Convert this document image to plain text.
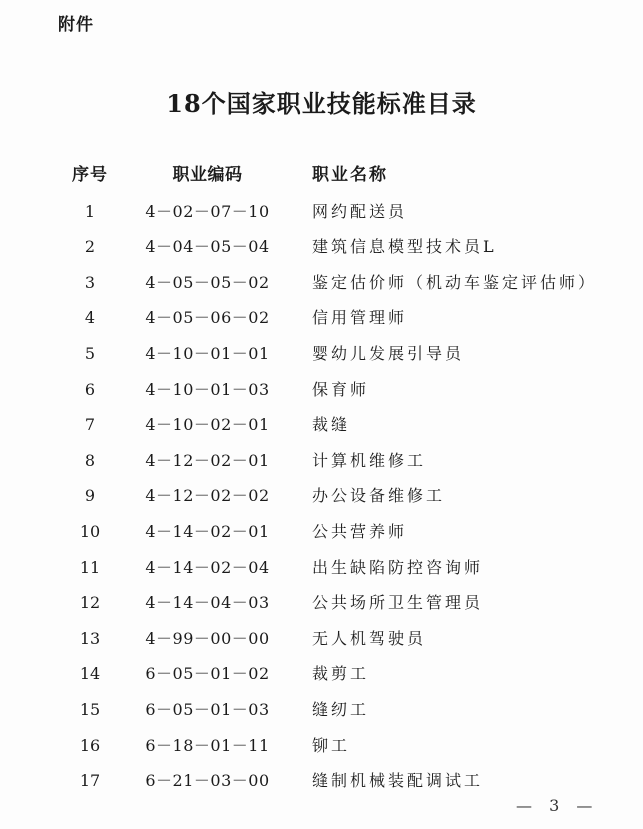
附件
18个国家职业技能标准目录
序号	职业编码	职业名称
1	4－02－07－10	网约配送员
2	4－04－05－04	建筑信息模型技术员L
3	4－05－05－02	鉴定估价师（机动车鉴定评估师）
4	4－05－06－02	信用管理师
5	4－10－01－01	婴幼儿发展引导员
6	4－10－01－03	保育师
7	4－10－02－01	裁缝
8	4－12－02－01	计算机维修工
9	4－12－02－02	办公设备维修工
10	4－14－02－01	公共营养师
11	4－14－02－04	出生缺陷防控咨询师
12	4－14－04－03	公共场所卫生管理员
13	4－99－00－00	无人机驾驶员
14	6－05－01－02	裁剪工
15	6－05－01－03	缝纫工
16	6－18－01－11	铆工
17	6－21－03－00	缝制机械装配调试工
— 3 —
